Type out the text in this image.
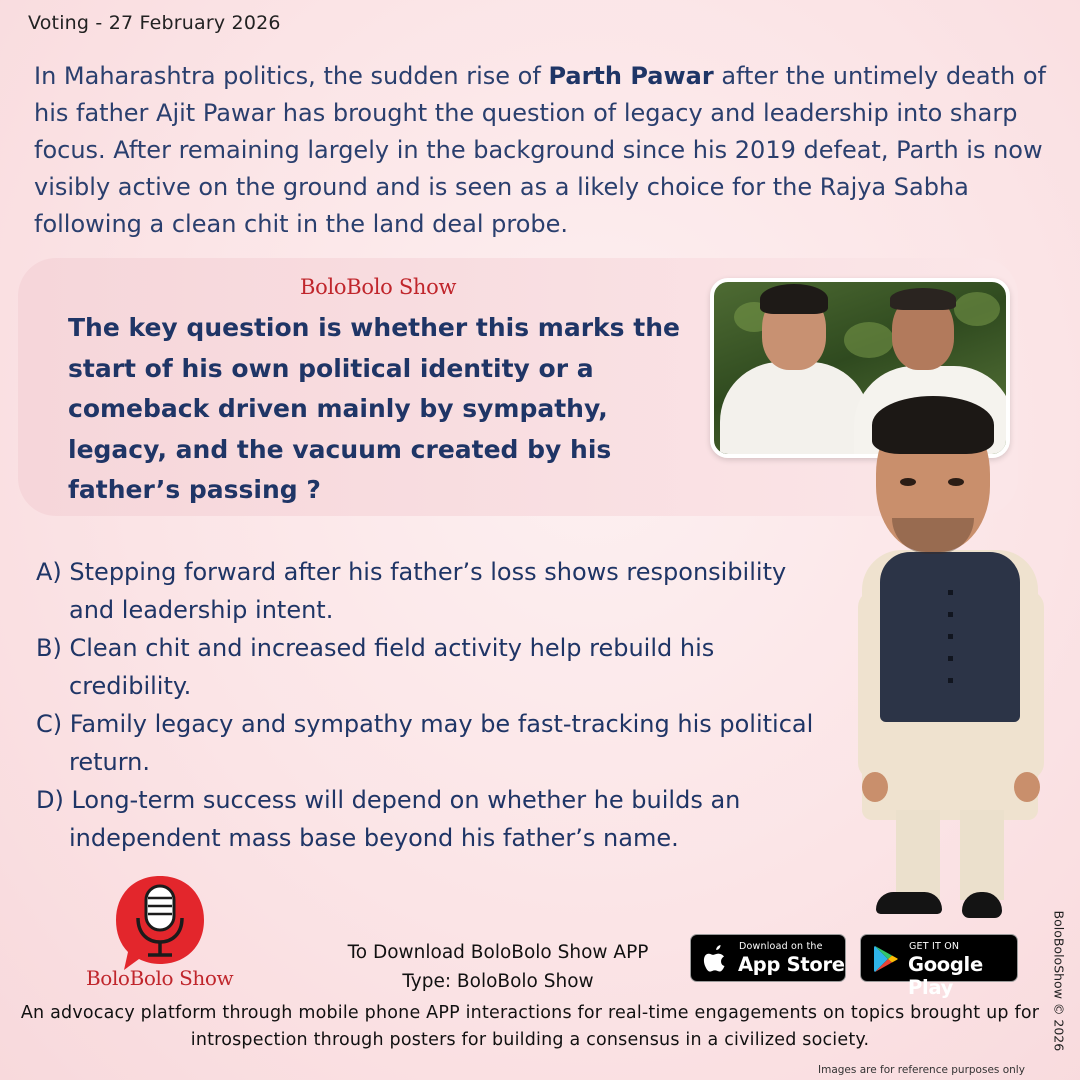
Voting - 27 February 2026

In Maharashtra politics, the sudden rise of Parth Pawar after the untimely death of his father Ajit Pawar has brought the question of legacy and leadership into sharp focus. After remaining largely in the background since his 2019 defeat, Parth is now visibly active on the ground and is seen as a likely choice for the Rajya Sabha following a clean chit in the land deal probe.

BoloBolo Show

The key question is whether this marks the start of his own political identity or a comeback driven mainly by sympathy, legacy, and the vacuum created by his father’s passing ?

A) Stepping forward after his father’s loss shows responsibility and leadership intent.

B) Clean chit and increased field activity help rebuild his credibility.

C) Family legacy and sympathy may be fast-tracking his political return.

D) Long-term success will depend on whether he builds an independent mass base beyond his father’s name.

BoloBolo Show
To Download BoloBolo Show APP
Type: BoloBolo Show
Download on the
App Store
GET IT ON
Google Play

An advocacy platform through mobile phone APP interactions for real-time engagements on topics brought up for introspection through posters for building a consensus in a civilized society.	BoloBoloShow © 2026
Images are for reference purposes only
